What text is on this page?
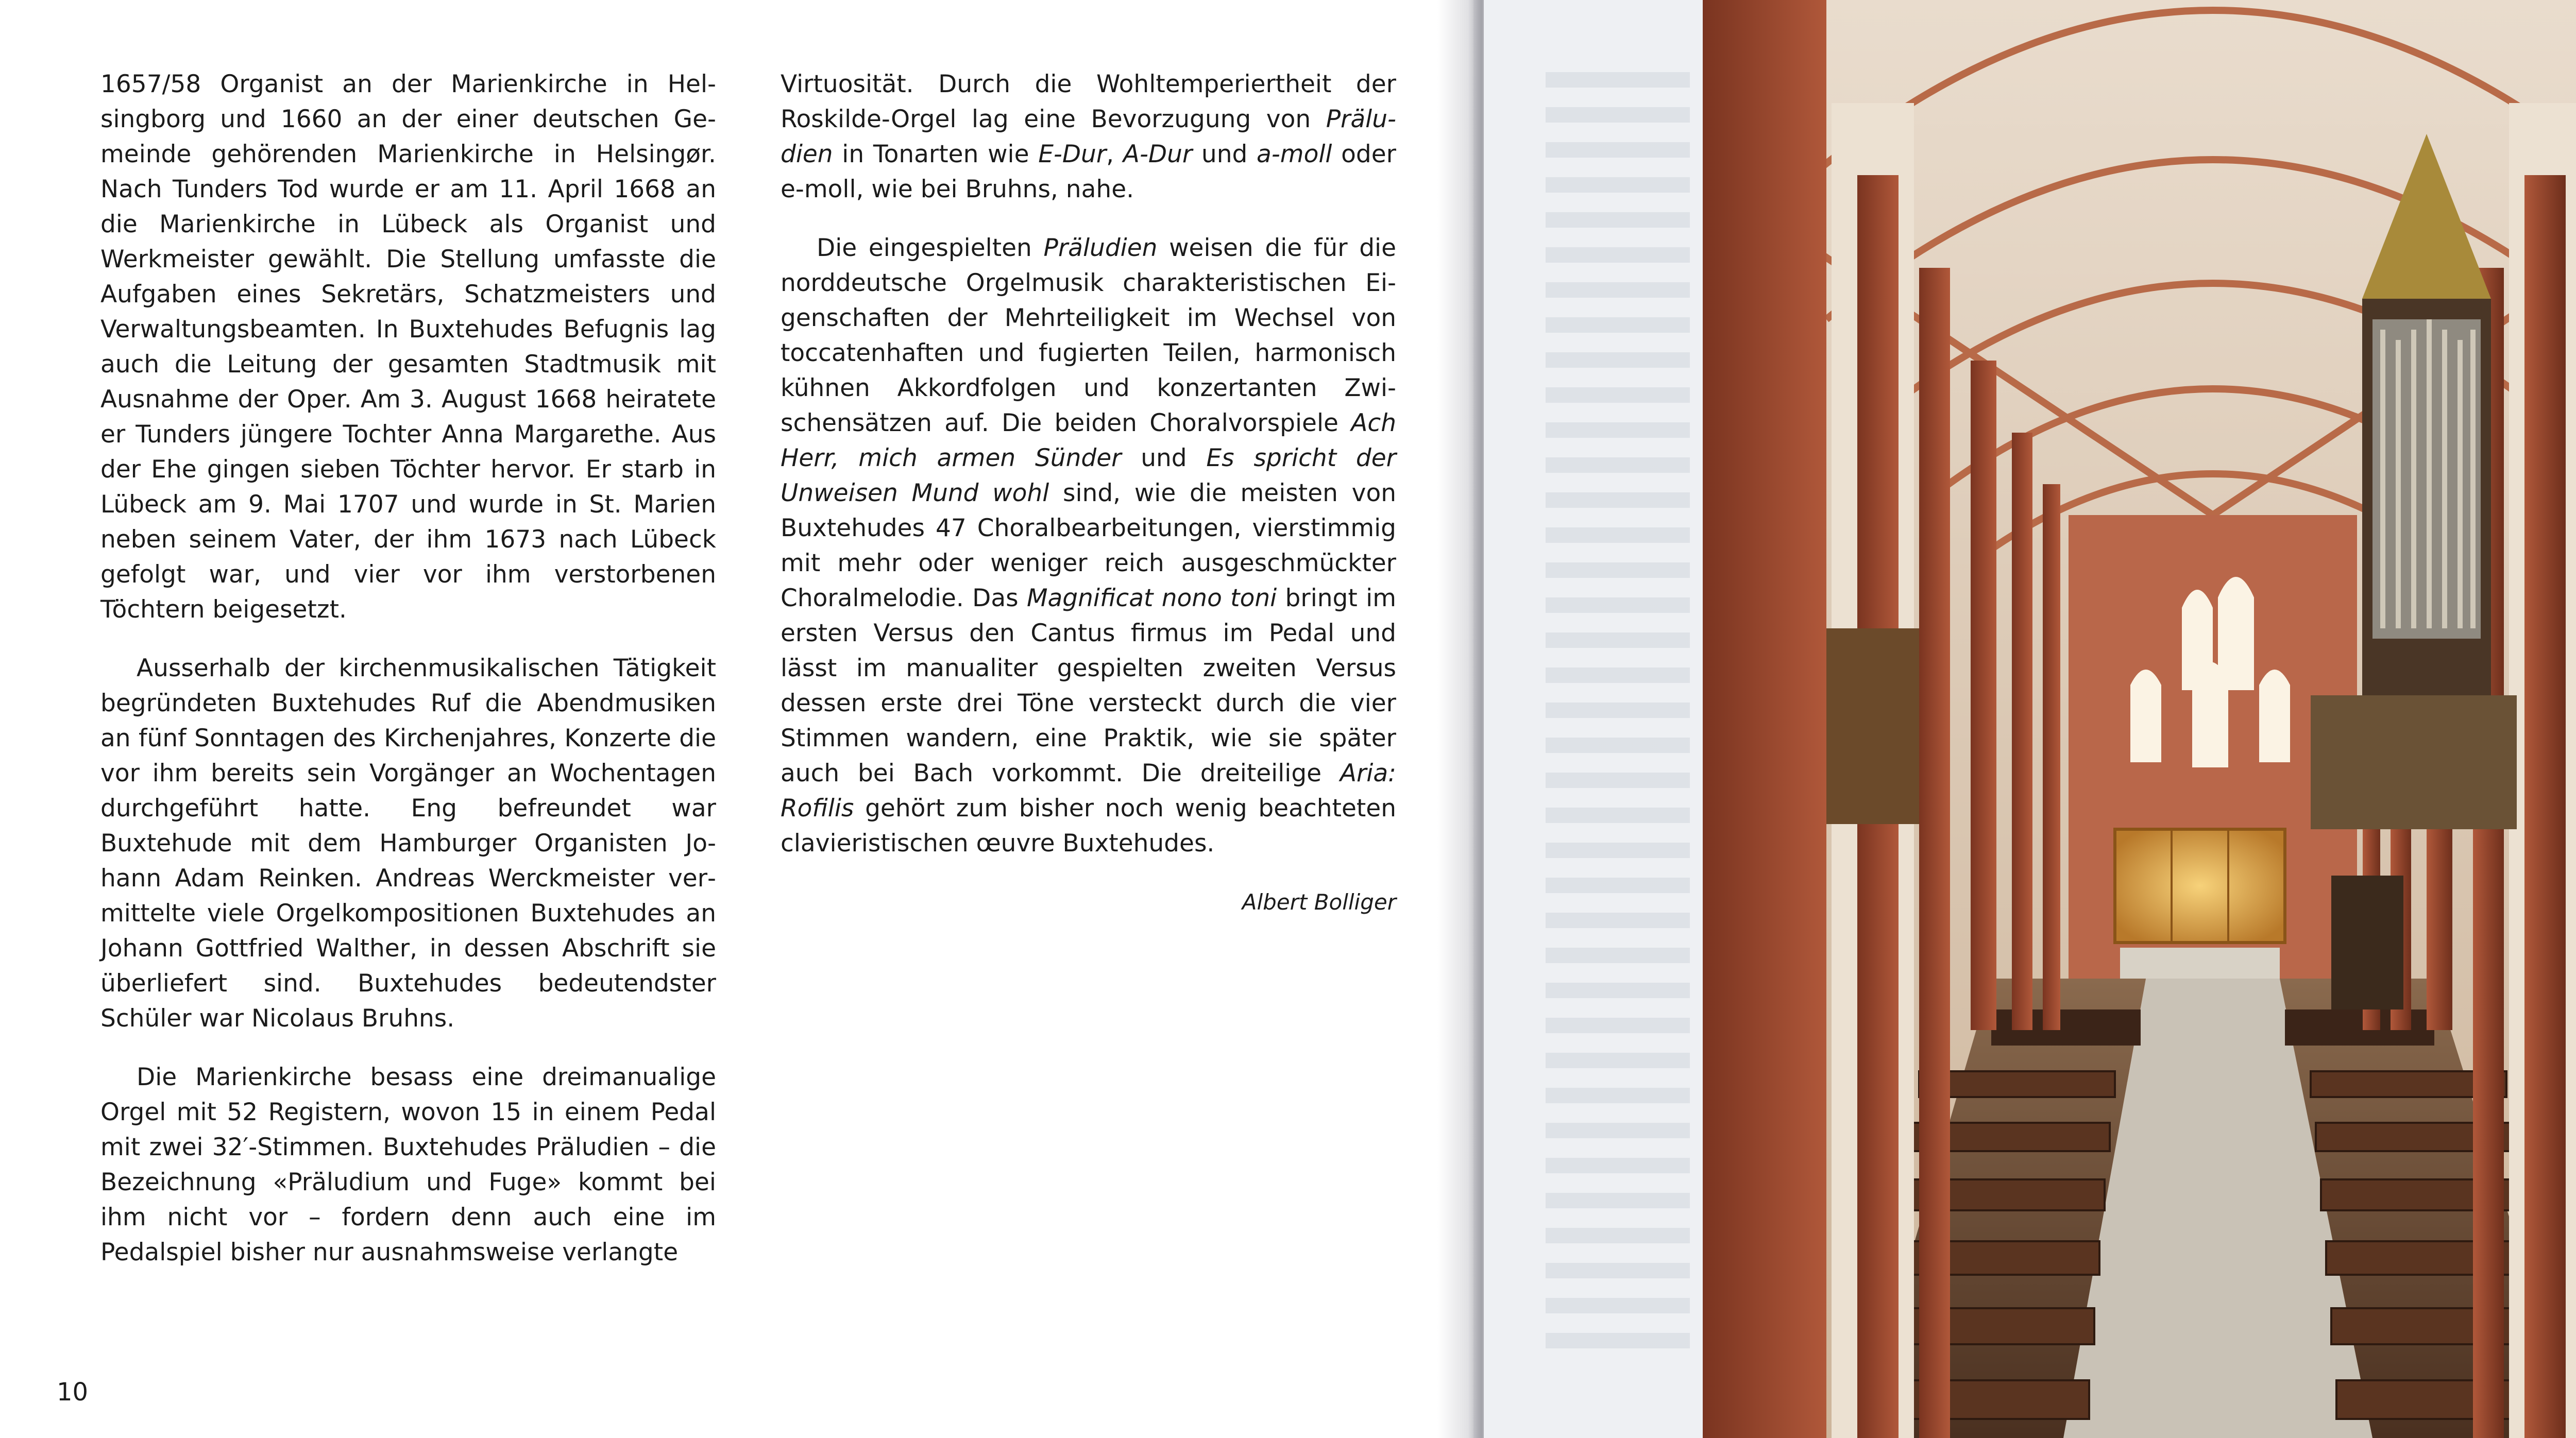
1657/58 Organist an der Marienkirche in Helsingborg und 1660 an der einer deutschen Gemeinde gehörenden Marienkirche in Helsingør. Nach Tunders Tod wurde er am 11. April 1668 an die Marienkirche in Lübeck als Organist und Werkmeister gewählt. Die Stellung umfasste die Aufgaben eines Sekretärs, Schatzmeisters und Verwaltungsbeamten. In Buxtehudes Befugnis lag auch die Leitung der gesamten Stadtmusik mit Ausnahme der Oper. Am 3. August 1668 heiratete er Tunders jüngere Tochter Anna Margarethe. Aus der Ehe gingen sieben Töchter hervor. Er starb in Lübeck am 9. Mai 1707 und wurde in St. Marien neben seinem Vater, der ihm 1673 nach Lübeck gefolgt war, und vier vor ihm verstorbenen Töchtern beigesetzt.

Ausserhalb der kirchenmusikalischen Tätigkeit begründeten Buxtehudes Ruf die Abendmusiken an fünf Sonntagen des Kirchenjahres, Konzerte die vor ihm bereits sein Vorgänger an Wochentagen durchgeführt hatte. Eng befreundet war Buxtehude mit dem Hamburger Organisten Johann Adam Reinken. Andreas Werckmeister vermittelte viele Orgelkompositionen Buxtehudes an Johann Gottfried Walther, in dessen Abschrift sie überliefert sind. Buxtehudes bedeutendster Schüler war Nicolaus Bruhns.

Die Marienkirche besass eine dreimanualige Orgel mit 52 Registern, wovon 15 in einem Pedal mit zwei 32′-Stimmen. Buxtehudes Präludien – die Bezeichnung «Präludium und Fuge» kommt bei ihm nicht vor – fordern denn auch eine im Pedalspiel bisher nur ausnahmsweise verlangte

Virtuosität. Durch die Wohltemperiertheit der Roskilde-Orgel lag eine Bevorzugung von Präludien in Tonarten wie E-Dur, A-Dur und a-moll oder e-moll, wie bei Bruhns, nahe.

Die eingespielten Präludien weisen die für die norddeutsche Orgelmusik charakteristischen Eigenschaften der Mehrteiligkeit im Wechsel von toccatenhaften und fugierten Teilen, harmonisch kühnen Akkordfolgen und konzertanten Zwischensätzen auf. Die beiden Choralvorspiele Ach Herr, mich armen Sünder und Es spricht der Unweisen Mund wohl sind, wie die meisten von Buxtehudes 47 Choralbearbeitungen, vierstimmig mit mehr oder weniger reich ausgeschmückter Choralmelodie. Das Magnificat nono toni bringt im ersten Versus den Cantus firmus im Pedal und lässt im manualiter gespielten zweiten Versus dessen erste drei Töne versteckt durch die vier Stimmen wandern, eine Praktik, wie sie später auch bei Bach vorkommt. Die dreiteilige Aria: Rofilis gehört zum bisher noch wenig beachteten clavieristischen œuvre Buxtehudes.

Albert Bolliger

10
